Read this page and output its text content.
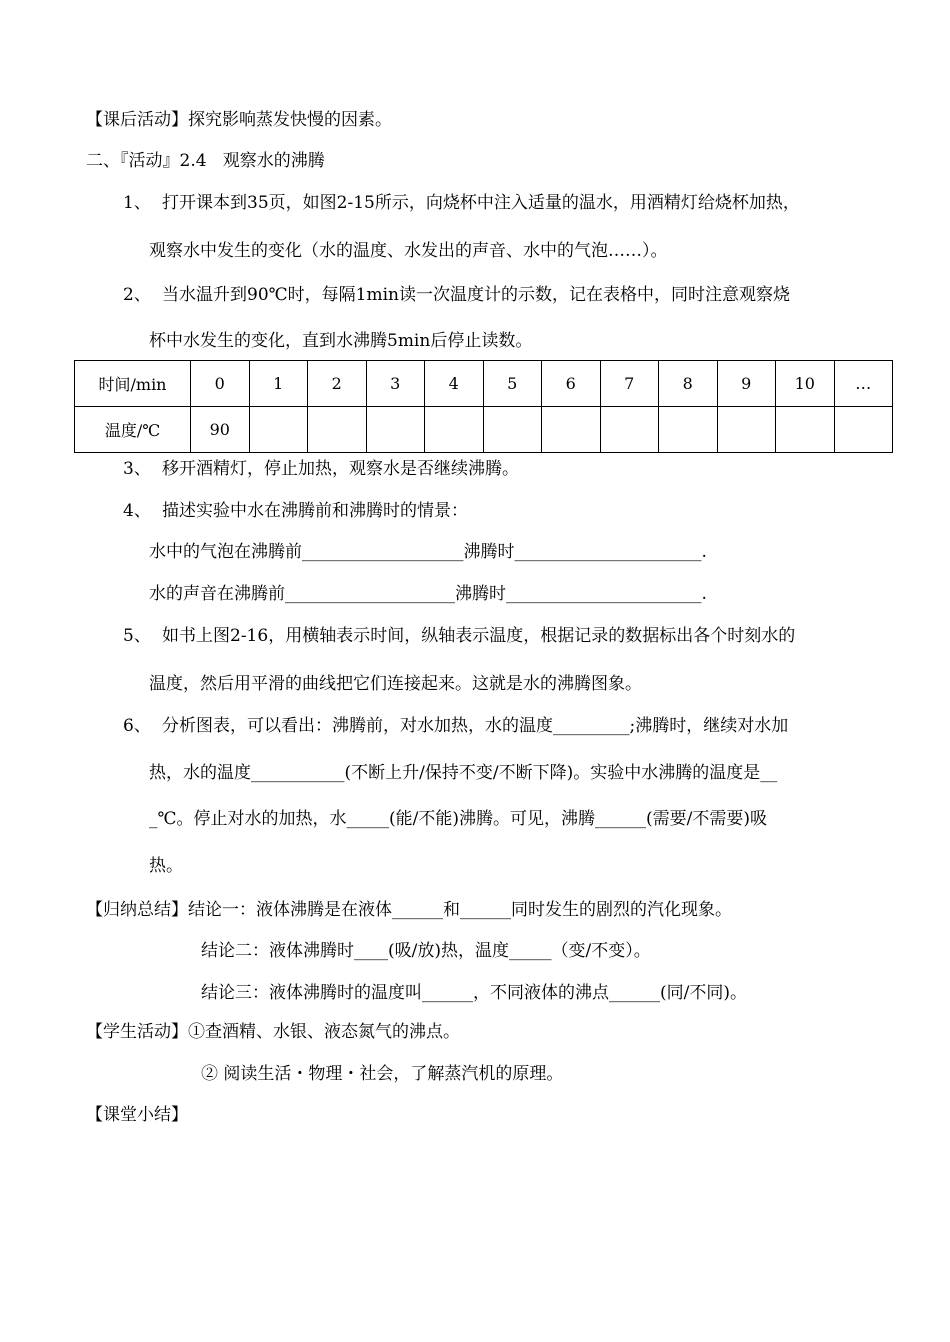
【课后活动】探究影响蒸发快慢的因素。
二、『活动』2.4   观察水的沸腾
1、 打开课本到35页，如图2-15所示，向烧杯中注入适量的温水，用酒精灯给烧杯加热，
观察水中发生的变化（水的温度、水发出的声音、水中的气泡……）。
2、 当水温升到90℃时，每隔1min读一次温度计的示数，记在表格中，同时注意观察烧
杯中水发生的变化，直到水沸腾5min后停止读数。
时间/min	0	1	2	3	4	5	6	7	8	9	10	…
温度/℃	90											
3、 移开酒精灯，停止加热，观察水是否继续沸腾。
4、 描述实验中水在沸腾前和沸腾时的情景：
水中的气泡在沸腾前___________________沸腾时______________________.
水的声音在沸腾前____________________沸腾时_______________________.
5、 如书上图2-16，用横轴表示时间，纵轴表示温度，根据记录的数据标出各个时刻水的
温度，然后用平滑的曲线把它们连接起来。这就是水的沸腾图象。
6、 分析图表，可以看出：沸腾前，对水加热，水的温度_________;沸腾时，继续对水加
热，水的温度___________(不断上升/保持不变/不断下降)。实验中水沸腾的温度是__
_℃。停止对水的加热，水_____(能/不能)沸腾。可见，沸腾______(需要/不需要)吸
热。
【归纳总结】结论一：液体沸腾是在液体______和______同时发生的剧烈的汽化现象。
结论二：液体沸腾时____(吸/放)热，温度_____（变/不变）。
结论三：液体沸腾时的温度叫______，不同液体的沸点______(同/不同)。
【学生活动】①查酒精、水银、液态氮气的沸点。
② 阅读生活・物理・社会，了解蒸汽机的原理。
【课堂小结】
